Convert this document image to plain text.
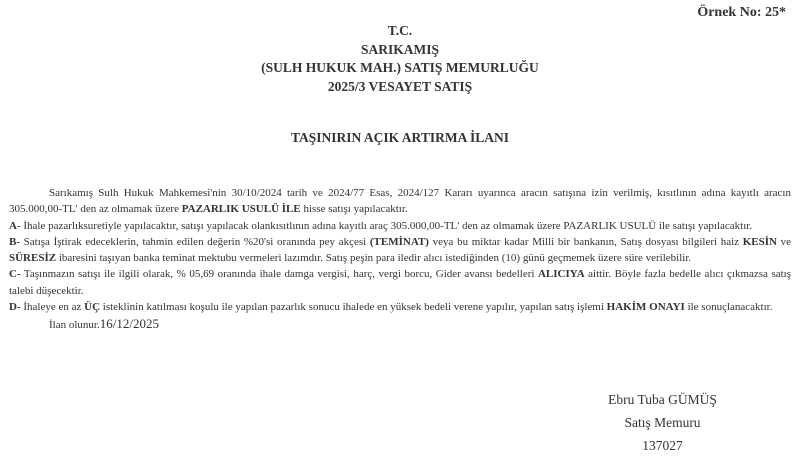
Örnek No: 25*
T.C.
SARIKAMIŞ
(SULH HUKUK MAH.) SATIŞ MEMURLUĞU
2025/3 VESAYET SATIŞ
TAŞINIRIN AÇIK ARTIRMA İLANI

Sarıkamış Sulh Hukuk Mahkemesi'nin 30/10/2024 tarih ve 2024/77 Esas, 2024/127 Kararı uyarınca aracın satışına izin verilmiş, kısıtlının adına kayıtlı aracın 305.000,00-TL' den az olmamak üzere PAZARLIK USULÜ İLE hisse satışı yapılacaktır.

A- İhale pazarlıksuretiyle yapılacaktır, satışı yapılacak olankısıtlının adına kayıtlı araç 305.000,00-TL' den az olmamak üzere PAZARLIK USULÜ ile satışı yapılacaktır.

B- Satışa İştirak edeceklerin, tahmin edilen değerin %20'si oranında pey akçesi (TEMİNAT) veya bu miktar kadar Milli bir bankanın, Satış dosyası bilgileri haiz KESİN ve SÜRESİZ ibaresini taşıyan banka teminat mektubu vermeleri lazımdır. Satış peşin para iledir alıcı istediğinden (10) günü geçmemek üzere süre verilebilir.

C- Taşınmazın satışı ile ilgili olarak, % 05,69 oranında ihale damga vergisi, harç, vergi borcu, Gider avansı bedelleri ALICIYA aittir. Böyle fazla bedelle alıcı çıkmazsa satış talebi düşecektir.

D- İhaleye en az ÜÇ isteklinin katılması koşulu ile yapılan pazarlık sonucu ihalede en yüksek bedeli verene yapılır, yapılan satış işlemi HAKİM ONAYI ile sonuçlanacaktır.

İlan olunur.16/12/2025

Ebru Tuba GÜMÜŞ
Satış Memuru
137027
